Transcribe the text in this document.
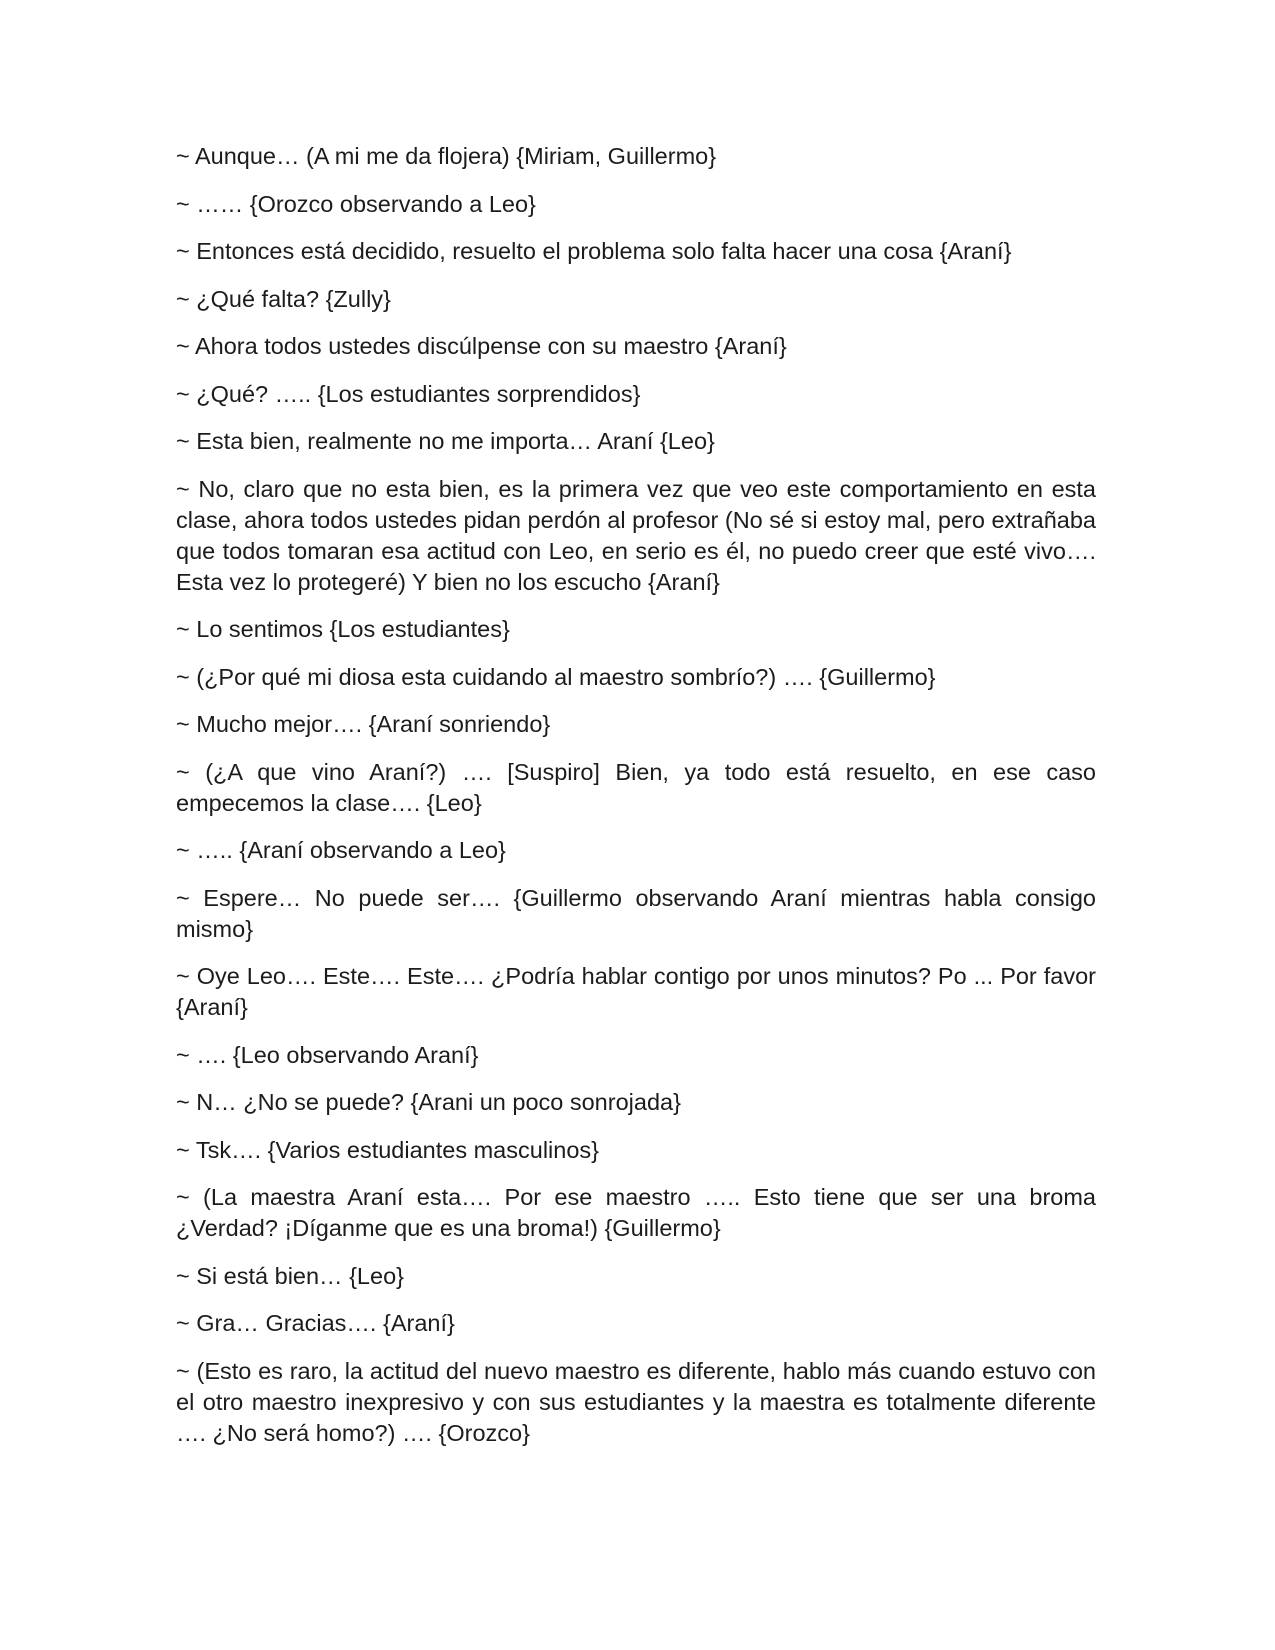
~ Aunque… (A mi me da flojera) {Miriam, Guillermo}

~ …… {Orozco observando a Leo}

~ Entonces está decidido, resuelto el problema solo falta hacer una cosa {Araní}

~ ¿Qué falta? {Zully}

~ Ahora todos ustedes discúlpense con su maestro {Araní}

~ ¿Qué? ….. {Los estudiantes sorprendidos}

~ Esta bien, realmente no me importa… Araní {Leo}

~ No, claro que no esta bien, es la primera vez que veo este comportamiento en esta clase, ahora todos ustedes pidan perdón al profesor (No sé si estoy mal, pero extrañaba que todos tomaran esa actitud con Leo, en serio es él, no puedo creer que esté vivo…. Esta vez lo protegeré) Y bien no los escucho {Araní}

~ Lo sentimos {Los estudiantes}

~ (¿Por qué mi diosa esta cuidando al maestro sombrío?) …. {Guillermo}

~ Mucho mejor…. {Araní sonriendo}

~ (¿A que vino Araní?) …. [Suspiro] Bien, ya todo está resuelto, en ese caso empecemos la clase…. {Leo}

~ ….. {Araní observando a Leo}

~ Espere… No puede ser…. {Guillermo observando Araní mientras habla consigo mismo}

~ Oye Leo…. Este…. Este…. ¿Podría hablar contigo por unos minutos? Po ... Por favor {Araní}

~ …. {Leo observando Araní}

~ N… ¿No se puede? {Arani un poco sonrojada}

~ Tsk…. {Varios estudiantes masculinos}

~ (La maestra Araní esta…. Por ese maestro ….. Esto tiene que ser una broma ¿Verdad? ¡Díganme que es una broma!) {Guillermo}

~ Si está bien… {Leo}

~ Gra… Gracias…. {Araní}

~ (Esto es raro, la actitud del nuevo maestro es diferente, hablo más cuando estuvo con el otro maestro inexpresivo y con sus estudiantes y la maestra es totalmente diferente …. ¿No será homo?) …. {Orozco}
